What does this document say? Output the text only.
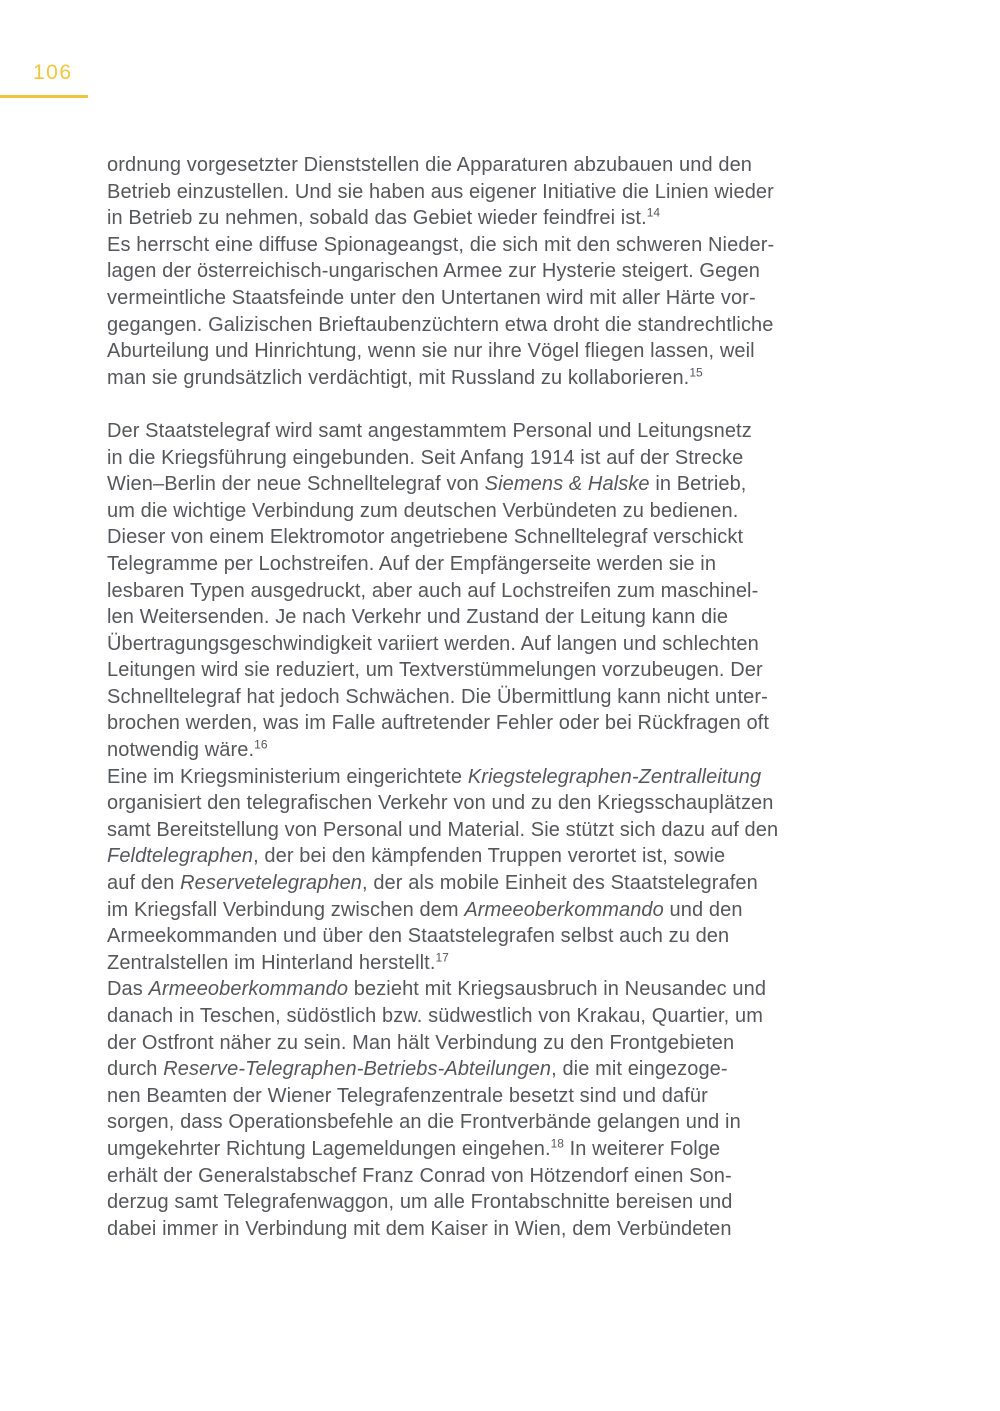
106
ordnung vorgesetzter Dienststellen die Apparaturen abzubauen und den
Betrieb einzustellen. Und sie haben aus eigener Initiative die Linien wieder
in Betrieb zu nehmen, sobald das Gebiet wieder feindfrei ist.$^{14}$
Es herrscht eine diffuse Spionageangst, die sich mit den schweren Nieder-
lagen der österreichisch-ungarischen Armee zur Hysterie steigert. Gegen
vermeintliche Staatsfeinde unter den Untertanen wird mit aller Härte vor-
gegangen. Galizischen Brieftaubenzüchtern etwa droht die standrechtliche
Aburteilung und Hinrichtung, wenn sie nur ihre Vögel fliegen lassen, weil
man sie grundsätzlich verdächtigt, mit Russland zu kollaborieren.$^{15}$
Der Staatstelegraf wird samt angestammtem Personal und Leitungsnetz
in die Kriegsführung eingebunden. Seit Anfang 1914 ist auf der Strecke
Wien–Berlin der neue Schnelltelegraf von Siemens & Halske in Betrieb,
um die wichtige Verbindung zum deutschen Verbündeten zu bedienen.
Dieser von einem Elektromotor angetriebene Schnelltelegraf verschickt
Telegramme per Lochstreifen. Auf der Empfängerseite werden sie in
lesbaren Typen ausgedruckt, aber auch auf Lochstreifen zum maschinel-
len Weitersenden. Je nach Verkehr und Zustand der Leitung kann die
Übertragungsgeschwindigkeit variiert werden. Auf langen und schlechten
Leitungen wird sie reduziert, um Textverstümmelungen vorzubeugen. Der
Schnelltelegraf hat jedoch Schwächen. Die Übermittlung kann nicht unter-
brochen werden, was im Falle auftretender Fehler oder bei Rückfragen oft
notwendig wäre.$^{16}$
Eine im Kriegsministerium eingerichtete Kriegstelegraphen-Zentralleitung
organisiert den telegrafischen Verkehr von und zu den Kriegsschauplätzen
samt Bereitstellung von Personal und Material. Sie stützt sich dazu auf den
Feldtelegraphen, der bei den kämpfenden Truppen verortet ist, sowie
auf den Reservetelegraphen, der als mobile Einheit des Staatstelegrafen
im Kriegsfall Verbindung zwischen dem Armeeoberkommando und den
Armeekommanden und über den Staatstelegrafen selbst auch zu den
Zentralstellen im Hinterland herstellt.$^{17}$
Das Armeeoberkommando bezieht mit Kriegsausbruch in Neusandec und
danach in Teschen, südöstlich bzw. südwestlich von Krakau, Quartier, um
der Ostfront näher zu sein. Man hält Verbindung zu den Frontgebieten
durch Reserve-Telegraphen-Betriebs-Abteilungen, die mit eingezoge-
nen Beamten der Wiener Telegrafenzentrale besetzt sind und dafür
sorgen, dass Operationsbefehle an die Frontverbände gelangen und in
umgekehrter Richtung Lagemeldungen eingehen.$^{18}$ In weiterer Folge
erhält der Generalstabschef Franz Conrad von Hötzendorf einen Son-
derzug samt Telegrafenwaggon, um alle Frontabschnitte bereisen und
dabei immer in Verbindung mit dem Kaiser in Wien, dem Verbündeten
